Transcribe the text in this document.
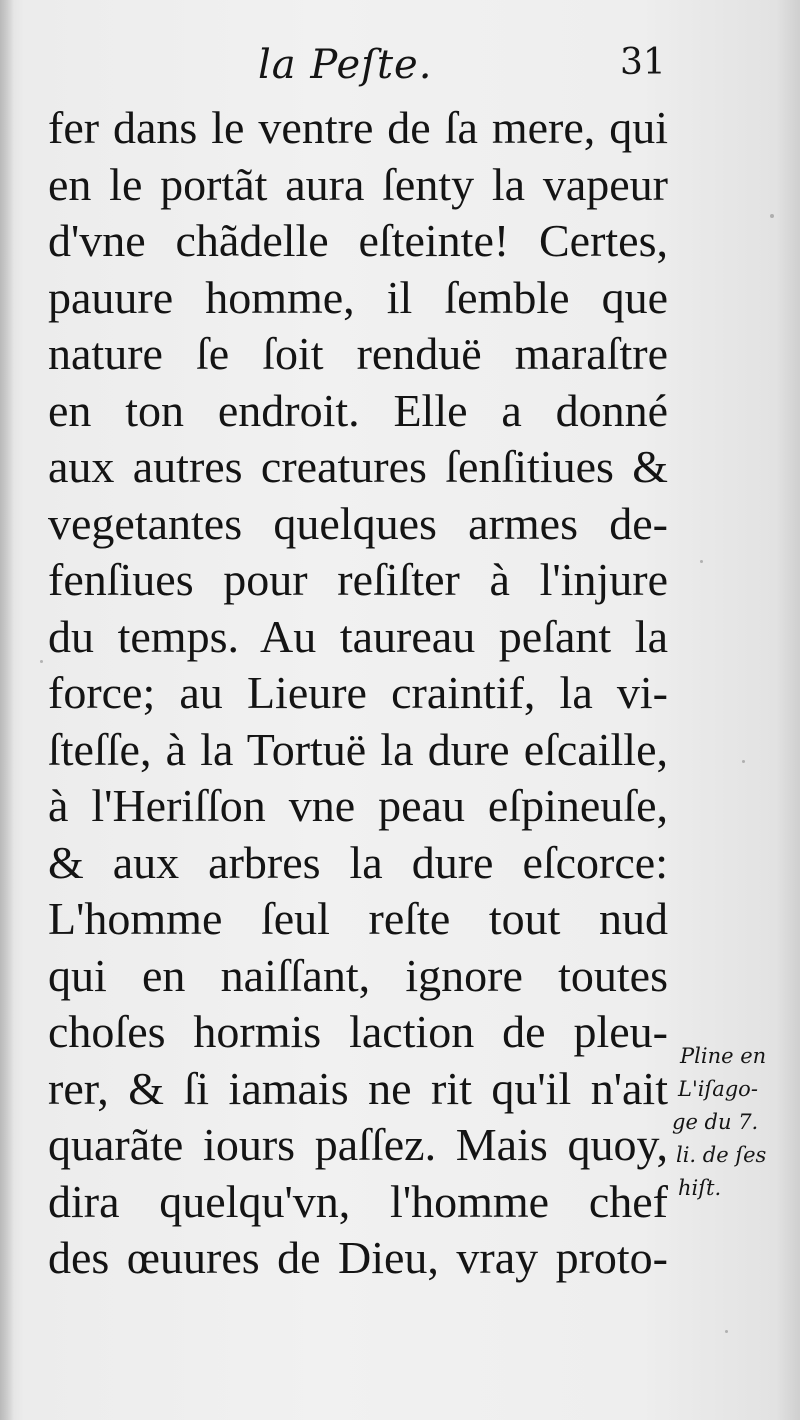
la Peſte.	31
fer dans le ventre de ſa mere, qui
en le portãt aura ſenty la vapeur
d'vne chãdelle eſteinte! Certes,
pauure homme, il ſemble que
nature ſe ſoit renduë maraſtre
en ton endroit. Elle a donné
aux autres creatures ſenſitiues &
vegetantes quelques armes de-
fenſiues pour reſiſter à l'injure
du temps. Au taureau peſant la
force; au Lieure craintif, la vi-
ſteſſe, à la Tortuë la dure eſcaille,
à l'Heriſſon vne peau eſpineuſe,
& aux arbres la dure eſcorce:
L'homme ſeul reſte tout nud
qui en naiſſant, ignore toutes
choſes hormis laction de pleu-
rer, & ſi iamais ne rit qu'il n'ait
quarãte iours paſſez. Mais quoy,
dira quelqu'vn, l'homme chef
des œuures de Dieu, vray proto-
Pline en
L'iſago-
ge du 7.
li. de ſes
hiſt.
